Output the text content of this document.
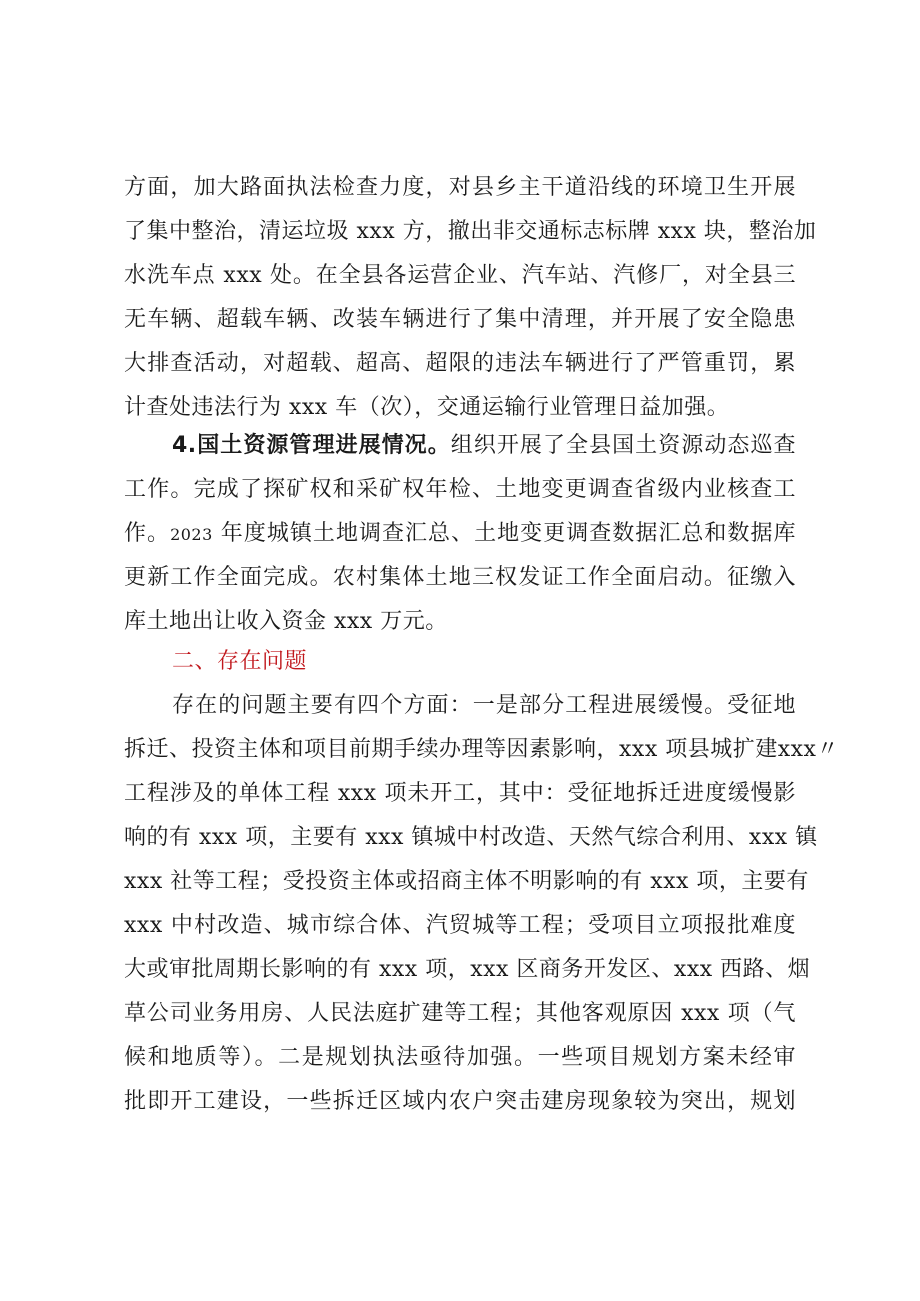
方面，加大路面执法检查力度，对县乡主干道沿线的环境卫生开展
了集中整治，清运垃圾 xxx 方，撤出非交通标志标牌 xxx 块，整治加
水洗车点 xxx 处。在全县各运营企业、汽车站、汽修厂，对全县三
无车辆、超载车辆、改装车辆进行了集中清理，并开展了安全隐患
大排查活动，对超载、超高、超限的违法车辆进行了严管重罚，累
计查处违法行为 xxx 车（次），交通运输行业管理日益加强。
4.国土资源管理进展情况。组织开展了全县国土资源动态巡查
工作。完成了探矿权和采矿权年检、土地变更调查省级内业核查工
作。2023 年度城镇土地调查汇总、土地变更调查数据汇总和数据库
更新工作全面完成。农村集体土地三权发证工作全面启动。征缴入
库土地出让收入资金 xxx 万元。
二、存在问题
存在的问题主要有四个方面：一是部分工程进展缓慢。受征地
拆迁、投资主体和项目前期手续办理等因素影响，xxx 项县城扩建xxx〃
工程涉及的单体工程 xxx 项未开工，其中：受征地拆迁进度缓慢影
响的有 xxx 项，主要有 xxx 镇城中村改造、天然气综合利用、xxx 镇
xxx 社等工程；受投资主体或招商主体不明影响的有 xxx 项，主要有
xxx 中村改造、城市综合体、汽贸城等工程；受项目立项报批难度
大或审批周期长影响的有 xxx 项，xxx 区商务开发区、xxx 西路、烟
草公司业务用房、人民法庭扩建等工程；其他客观原因 xxx 项（气
候和地质等）。二是规划执法亟待加强。一些项目规划方案未经审
批即开工建设，一些拆迁区域内农户突击建房现象较为突出，规划
